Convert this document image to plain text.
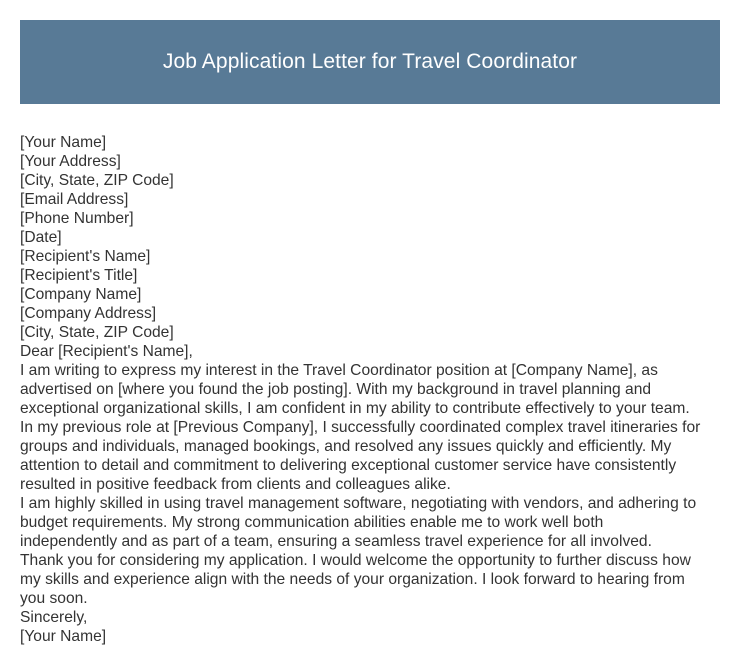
Job Application Letter for Travel Coordinator
[Your Name]
[Your Address]
[City, State, ZIP Code]
[Email Address]
[Phone Number]
[Date]
[Recipient's Name]
[Recipient's Title]
[Company Name]
[Company Address]
[City, State, ZIP Code]
Dear [Recipient's Name],
I am writing to express my interest in the Travel Coordinator position at [Company Name], as
advertised on [where you found the job posting]. With my background in travel planning and
exceptional organizational skills, I am confident in my ability to contribute effectively to your team.
In my previous role at [Previous Company], I successfully coordinated complex travel itineraries for
groups and individuals, managed bookings, and resolved any issues quickly and efficiently. My
attention to detail and commitment to delivering exceptional customer service have consistently
resulted in positive feedback from clients and colleagues alike.
I am highly skilled in using travel management software, negotiating with vendors, and adhering to
budget requirements. My strong communication abilities enable me to work well both
independently and as part of a team, ensuring a seamless travel experience for all involved.
Thank you for considering my application. I would welcome the opportunity to further discuss how
my skills and experience align with the needs of your organization. I look forward to hearing from
you soon.
Sincerely,
[Your Name]
